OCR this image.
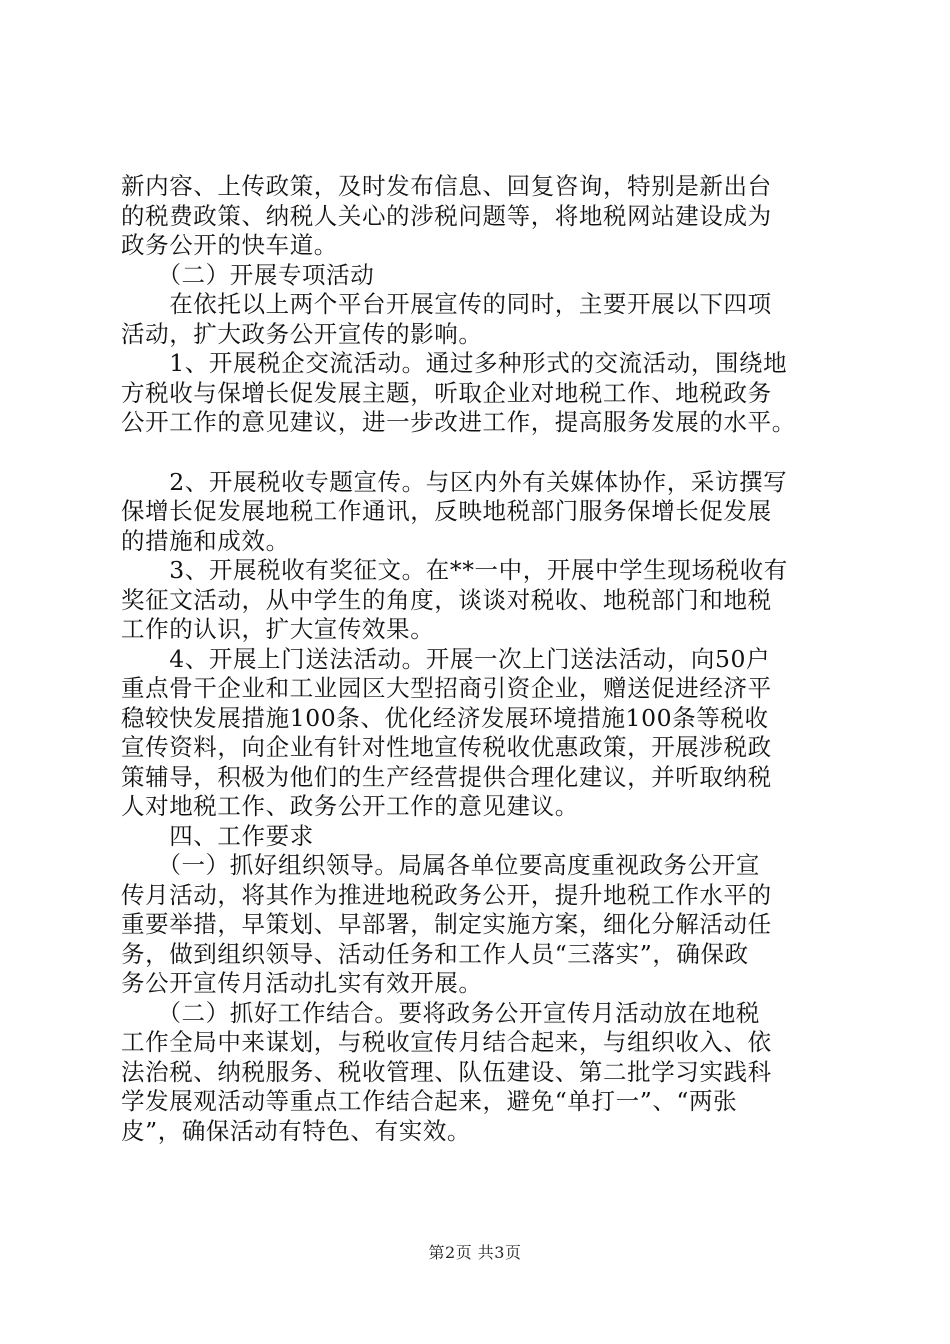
新内容、上传政策，及时发布信息、回复咨询，特别是新出台
的税费政策、纳税人关心的涉税问题等，将地税网站建设成为
政务公开的快车道。
　　（二）开展专项活动
　　在依托以上两个平台开展宣传的同时，主要开展以下四项
活动，扩大政务公开宣传的影响。
　　1、开展税企交流活动。通过多种形式的交流活动，围绕地
方税收与保增长促发展主题，听取企业对地税工作、地税政务
公开工作的意见建议，进一步改进工作，提高服务发展的水平。
　　2、开展税收专题宣传。与区内外有关媒体协作，采访撰写
保增长促发展地税工作通讯，反映地税部门服务保增长促发展
的措施和成效。
　　3、开展税收有奖征文。在**一中，开展中学生现场税收有
奖征文活动，从中学生的角度，谈谈对税收、地税部门和地税
工作的认识，扩大宣传效果。
　　4、开展上门送法活动。开展一次上门送法活动，向50户
重点骨干企业和工业园区大型招商引资企业，赠送促进经济平
稳较快发展措施100条、优化经济发展环境措施100条等税收
宣传资料，向企业有针对性地宣传税收优惠政策，开展涉税政
策辅导，积极为他们的生产经营提供合理化建议，并听取纳税
人对地税工作、政务公开工作的意见建议。
　　四、工作要求
　　（一）抓好组织领导。局属各单位要高度重视政务公开宣
传月活动，将其作为推进地税政务公开，提升地税工作水平的
重要举措，早策划、早部署，制定实施方案，细化分解活动任
务，做到组织领导、活动任务和工作人员“三落实”，确保政
务公开宣传月活动扎实有效开展。
　　（二）抓好工作结合。要将政务公开宣传月活动放在地税
工作全局中来谋划，与税收宣传月结合起来，与组织收入、依
法治税、纳税服务、税收管理、队伍建设、第二批学习实践科
学发展观活动等重点工作结合起来，避免“单打一”、“两张
皮”，确保活动有特色、有实效。
第2页 共3页
